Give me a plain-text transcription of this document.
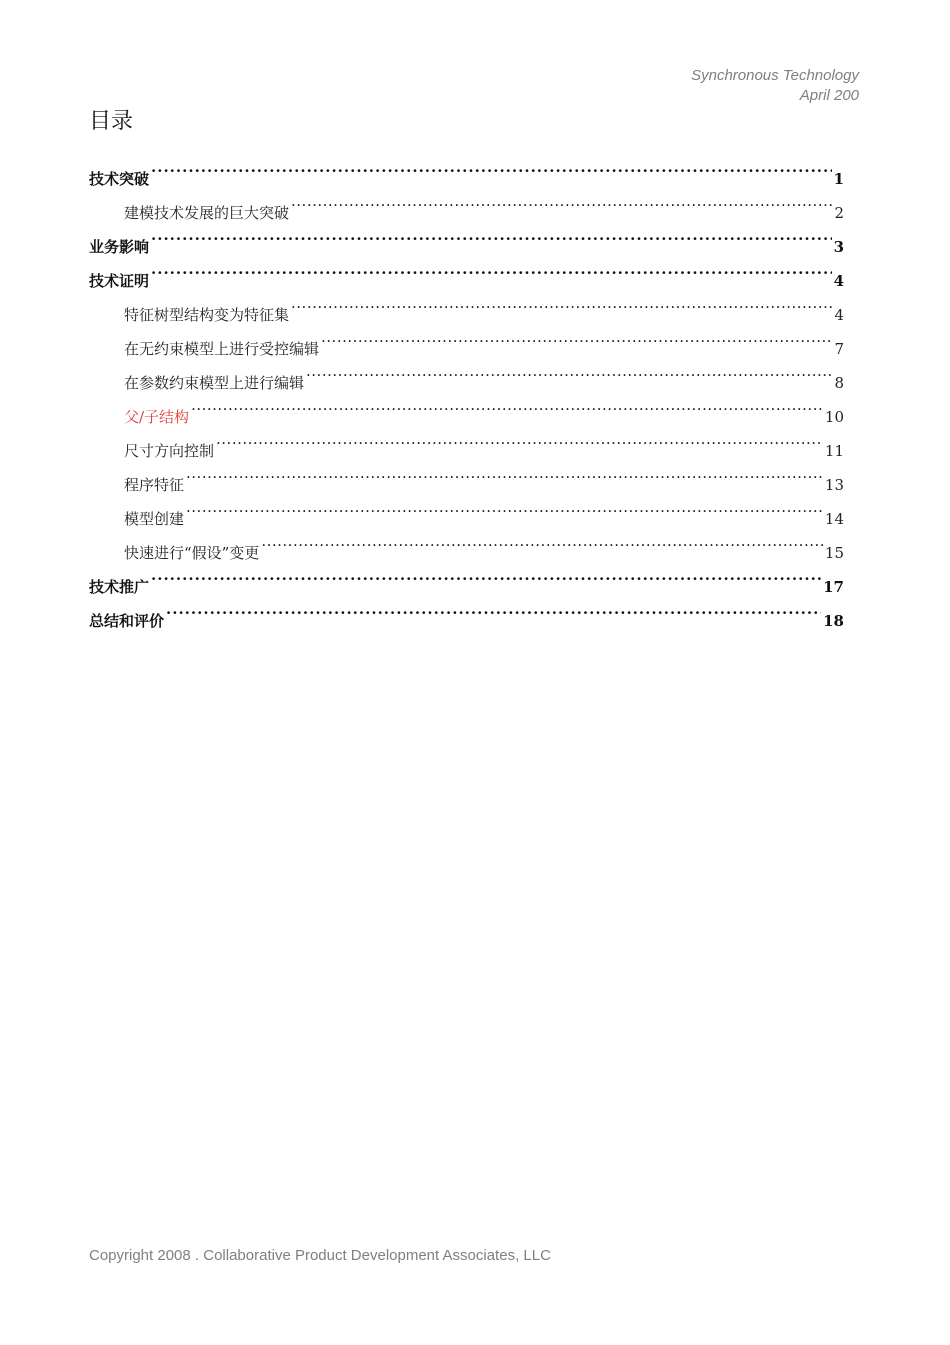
Synchronous Technology
April 200
目录
技术突破 .....	1
建模技术发展的巨大突破 .....	2
业务影响 .....	3
技术证明 .....	4
特征树型结构变为特征集 .....	4
在无约束模型上进行受控编辑 .....	7
在参数约束模型上进行编辑 .....	8
父/子结构 .....	10
尺寸方向控制 .....	11
程序特征 .....	13
模型创建 .....	14
快速进行“假设”变更 .....	15
技术推广 .....	17
总结和评价 .....	18
Copyright 2008 . Collaborative Product Development Associates, LLC
